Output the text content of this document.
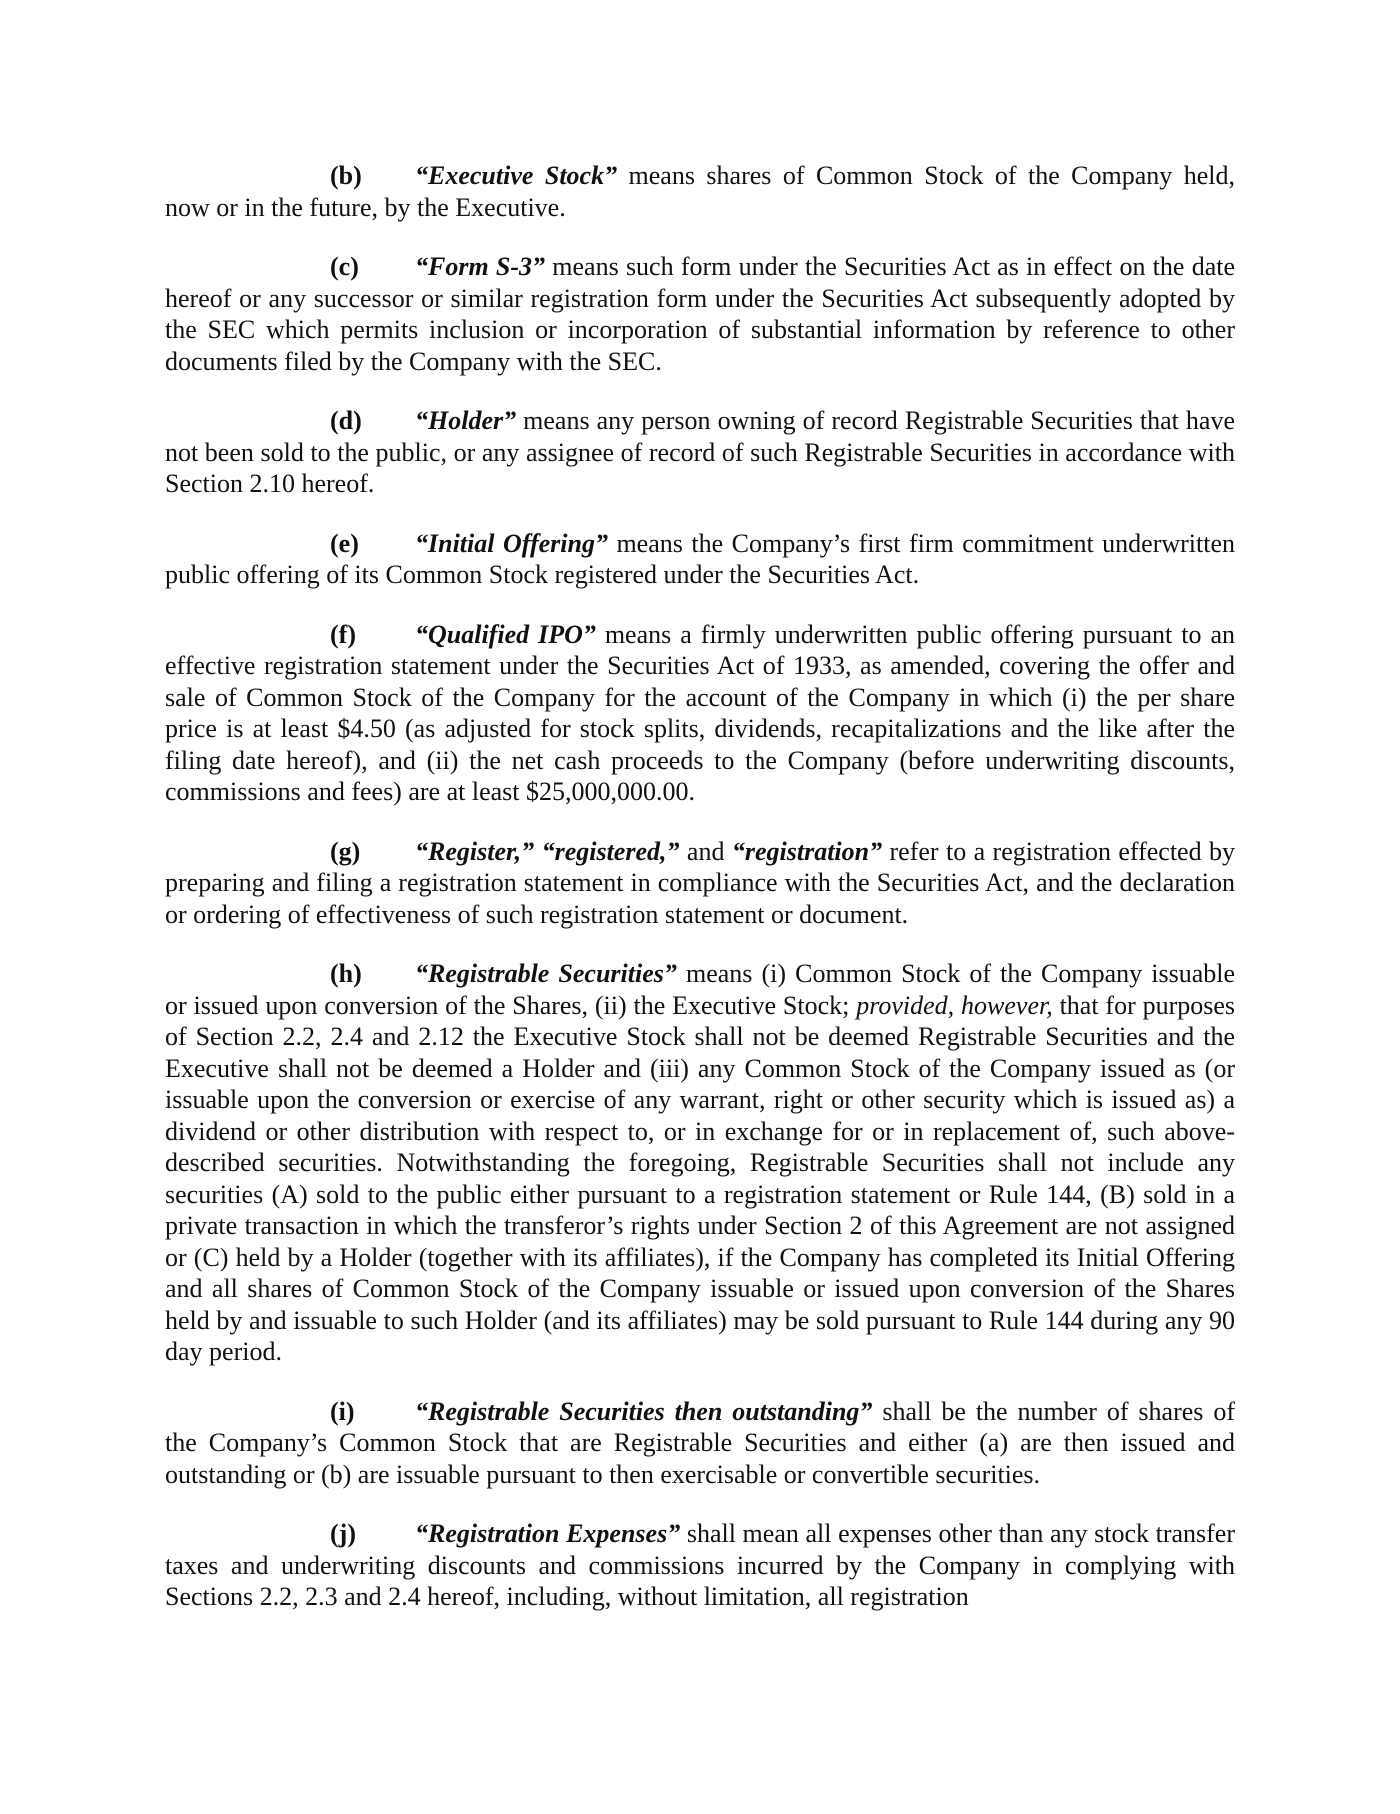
(b) “Executive Stock” means shares of Common Stock of the Company held, now or in the future, by the Executive.

(c) “Form S-3” means such form under the Securities Act as in effect on the date hereof or any successor or similar registration form under the Securities Act subsequently adopted by the SEC which permits inclusion or incorporation of substantial information by reference to other documents filed by the Company with the SEC.

(d) “Holder” means any person owning of record Registrable Securities that have not been sold to the public, or any assignee of record of such Registrable Securities in accordance with Section 2.10 hereof.

(e) “Initial Offering” means the Company’s first firm commitment underwritten public offering of its Common Stock registered under the Securities Act.

(f) “Qualified IPO” means a firmly underwritten public offering pursuant to an effective registration statement under the Securities Act of 1933, as amended, covering the offer and sale of Common Stock of the Company for the account of the Company in which (i) the per share price is at least $4.50 (as adjusted for stock splits, dividends, recapitalizations and the like after the filing date hereof), and (ii) the net cash proceeds to the Company (before underwriting discounts, commissions and fees) are at least $25,000,000.00.

(g) “Register,” “registered,” and “registration” refer to a registration effected by preparing and filing a registration statement in compliance with the Securities Act, and the declaration or ordering of effectiveness of such registration statement or document.

(h) “Registrable Securities” means (i) Common Stock of the Company issuable or issued upon conversion of the Shares, (ii) the Executive Stock; provided, however, that for purposes of Section 2.2, 2.4 and 2.12 the Executive Stock shall not be deemed Registrable Securities and the Executive shall not be deemed a Holder and (iii) any Common Stock of the Company issued as (or issuable upon the conversion or exercise of any warrant, right or other security which is issued as) a dividend or other distribution with respect to, or in exchange for or in replacement of, such above-described securities. Notwithstanding the foregoing, Registrable Securities shall not include any securities (A) sold to the public either pursuant to a registration statement or Rule 144, (B) sold in a private transaction in which the transferor’s rights under Section 2 of this Agreement are not assigned or (C) held by a Holder (together with its affiliates), if the Company has completed its Initial Offering and all shares of Common Stock of the Company issuable or issued upon conversion of the Shares held by and issuable to such Holder (and its affiliates) may be sold pursuant to Rule 144 during any 90 day period.

(i) “Registrable Securities then outstanding” shall be the number of shares of the Company’s Common Stock that are Registrable Securities and either (a) are then issued and outstanding or (b) are issuable pursuant to then exercisable or convertible securities.

(j) “Registration Expenses” shall mean all expenses other than any stock transfer taxes and underwriting discounts and commissions incurred by the Company in complying with Sections 2.2, 2.3 and 2.4 hereof, including, without limitation, all registration
